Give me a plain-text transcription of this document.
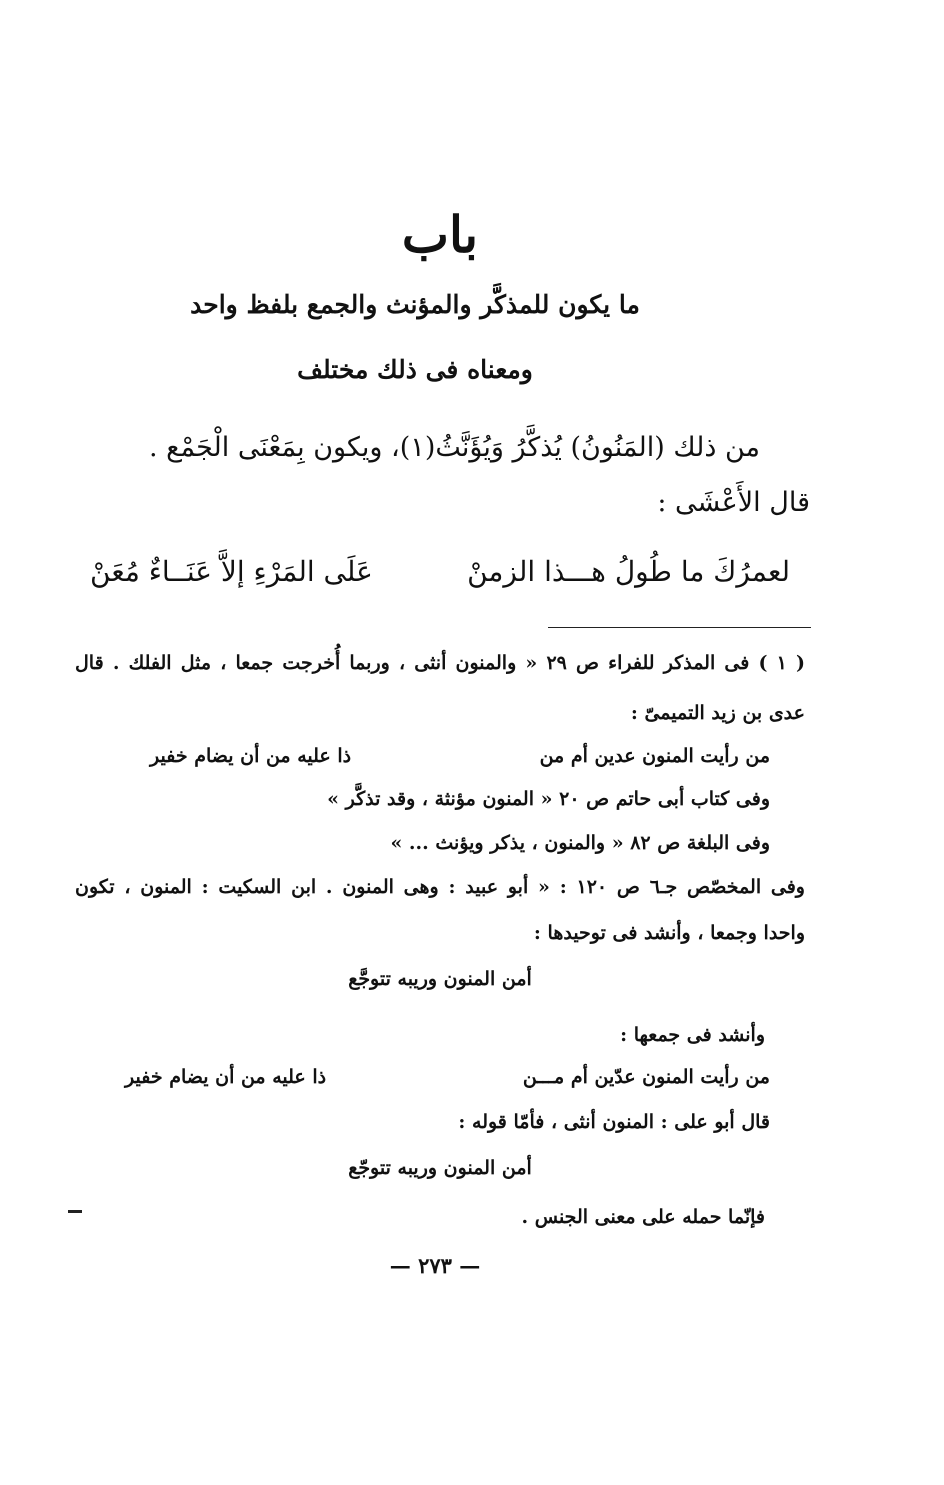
باب
ما يكون للمذكَّر والمؤنث والجمع بلفظ واحد
ومعناه فى ذلك مختلف
من ذلك (المَنُونُ) يُذكَّرُ وَيُؤَنَّثُ(١)، ويكون بِمَعْنَى الْجَمْع .
قال الأَعْشَى :
لعمرُكَ ما طُولُ هـــذا الزمنْ
عَلَى المَرْءِ إلاَّ عَنَــاءٌ مُعَنْ
( ١ ) فى المذكر للفراء ص ٢٩ « والمنون أنثى ، وربما أُخرجت جمعا ، مثل الفلك . قال
عدى بن زيد التميمىّ :
من رأيت المنون عدين أم من
ذا عليه من أن يضام خفير
وفى كتاب أبى حاتم ص ٢٠ « المنون مؤنثة ، وقد تذكَّر »
وفى البلغة ص ٨٢ « والمنون ، يذكر ويؤنث ... »
وفى المخصّص جـ٦ ص ١٢٠ : « أبو عبيد : وهى المنون . ابن السكيت : المنون ، تكون
واحدا وجمعا ، وأنشد فى توحيدها :
أمن المنون وريبه تتوجَّع
وأنشد فى جمعها :
من رأيت المنون عدّين أم مـــن
ذا عليه من أن يضام خفير
قال أبو على : المنون أنثى ، فأمّا قوله :
أمن المنون وريبه تتوجّع
فإنّما حمله على معنى الجنس .
— ٢٧٣ —
